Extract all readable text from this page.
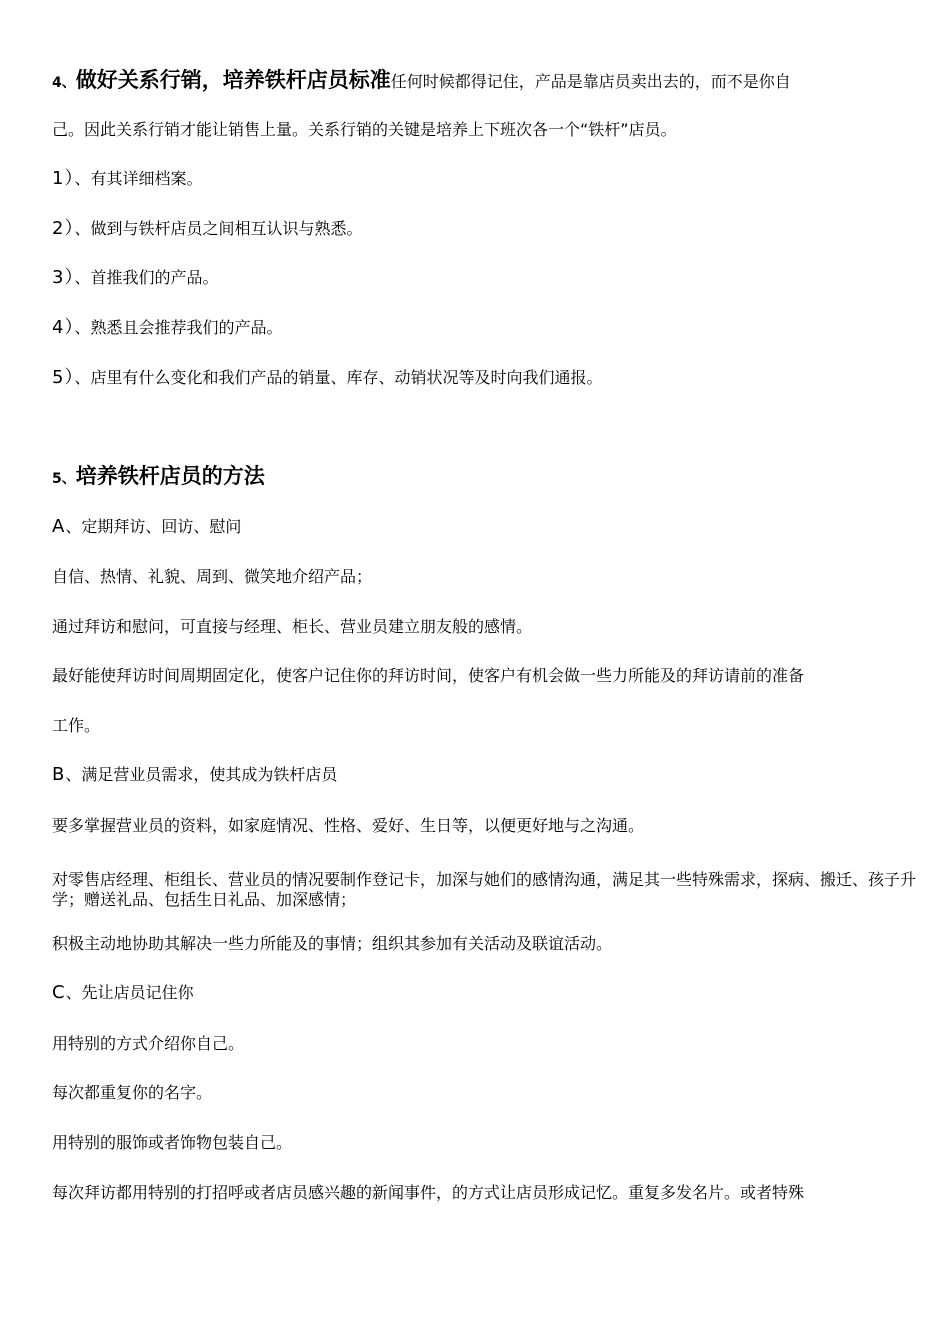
4、做好关系行销，培养铁杆店员标准任何时候都得记住，产品是靠店员卖出去的，而不是你自
己。因此关系行销才能让销售上量。关系行销的关键是培养上下班次各一个“铁杆”店员。
1）、有其详细档案。
2）、做到与铁杆店员之间相互认识与熟悉。
3）、首推我们的产品。
4）、熟悉且会推荐我们的产品。
5）、店里有什么变化和我们产品的销量、库存、动销状况等及时向我们通报。
5、培养铁杆店员的方法
A、定期拜访、回访、慰问
自信、热情、礼貌、周到、微笑地介绍产品；
通过拜访和慰问，可直接与经理、柜长、营业员建立朋友般的感情。
最好能使拜访时间周期固定化，使客户记住你的拜访时间，使客户有机会做一些力所能及的拜访请前的准备
工作。
B、满足营业员需求，使其成为铁杆店员
要多掌握营业员的资料，如家庭情况、性格、爱好、生日等，以便更好地与之沟通。
对零售店经理、柜组长、营业员的情况要制作登记卡，加深与她们的感情沟通，满足其一些特殊需求，探病、搬迁、孩子升学；赠送礼品、包括生日礼品、加深感情；
积极主动地协助其解决一些力所能及的事情；组织其参加有关活动及联谊活动。
C、先让店员记住你
用特别的方式介绍你自己。
每次都重复你的名字。
用特别的服饰或者饰物包装自己。
每次拜访都用特别的打招呼或者店员感兴趣的新闻事件，的方式让店员形成记忆。重复多发名片。或者特殊
